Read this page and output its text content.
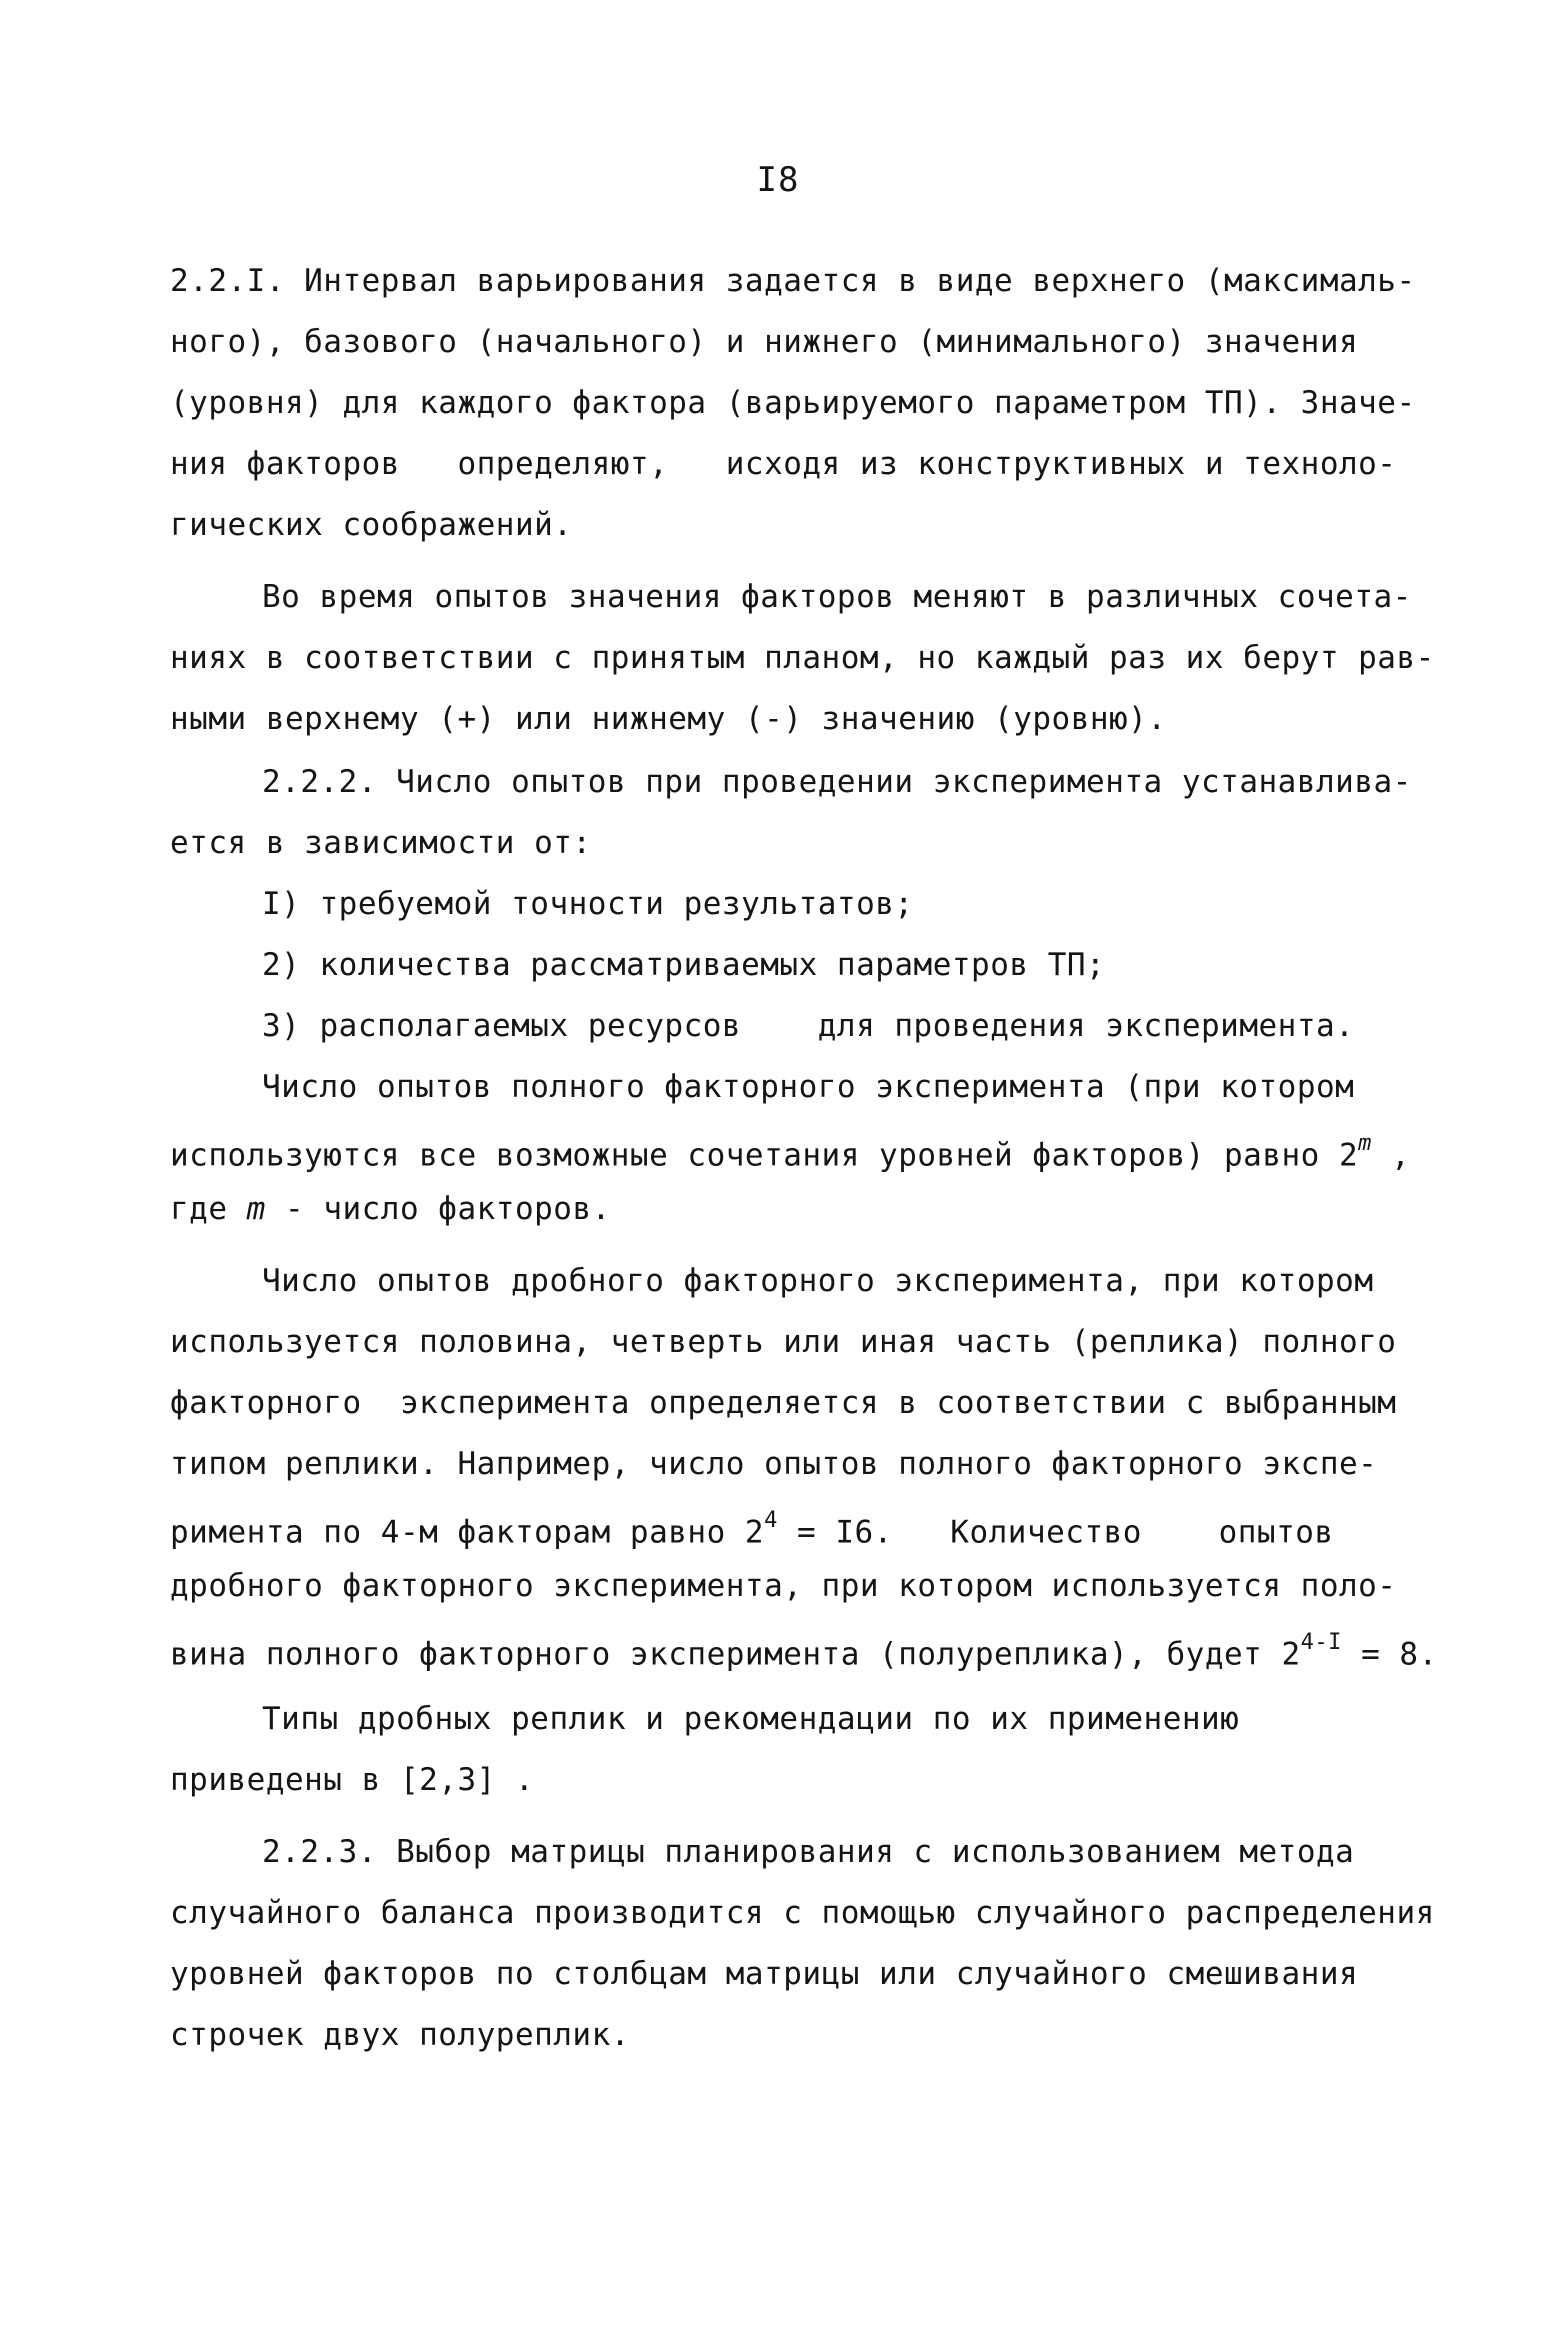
I8
2.2.I. Интервал варьирования задается в виде верхнего (максималь-
ного), базового (начального) и нижнего (минимального) значения
(уровня) для каждого фактора (варьируемого параметром ТП). Значе-
ния факторов   определяют,   исходя из конструктивных и техноло-
гических соображений.
Во время опытов значения факторов меняют в различных сочета-
ниях в соответствии с принятым планом, но каждый раз их берут рав-
ными верхнему (+) или нижнему (-) значению (уровню).
2.2.2. Число опытов при проведении эксперимента устанавлива-
ется в зависимости от:
I) требуемой точности результатов;
2) количества рассматриваемых параметров ТП;
3) располагаемых ресурсов    для проведения эксперимента.
Число опытов полного факторного эксперимента (при котором
используются все возможные сочетания уровней факторов) равно 2$^m$ ,
где m - число факторов.
Число опытов дробного факторного эксперимента, при котором
используется половина, четверть или иная часть (реплика) полного
факторного  эксперимента определяется в соответствии с выбранным
типом реплики. Например, число опытов полного факторного экспе-
римента по 4-м факторам равно $2^4 = I6$.   Количество    опытов
дробного факторного эксперимента, при котором используется поло-
вина полного факторного эксперимента (полуреплика), будет $2^{4-I} = 8$.
Типы дробных реплик и рекомендации по их применению
приведены в [2,3] .
2.2.3. Выбор матрицы планирования с использованием метода
случайного баланса производится с помощью случайного распределения
уровней факторов по столбцам матрицы или случайного смешивания
строчек двух полуреплик.
